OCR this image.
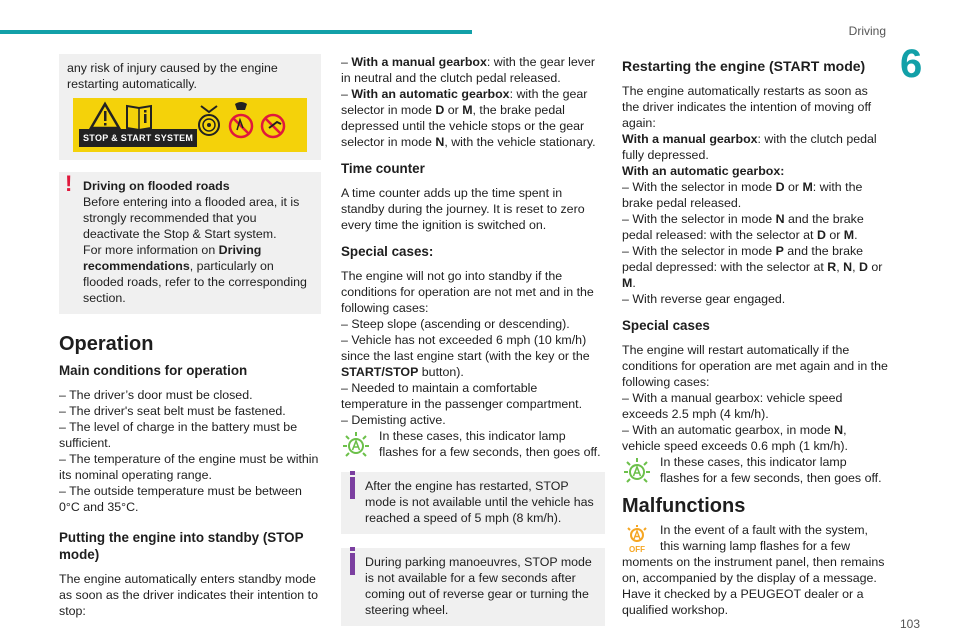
Driving
6
103

any risk of injury caused by the engine restarting automatically.

STOP & START SYSTEM
! Driving on flooded roads

Before entering into a flooded area, it is strongly recommended that you deactivate the Stop & Start system.

For more information on Driving recommendations, particularly on flooded roads, refer to the corresponding section.

Operation
Main conditions for operation

– The driver’s door must be closed.

– The driver's seat belt must be fastened.

– The level of charge in the battery must be sufficient.

– The temperature of the engine must be within its nominal operating range.

– The outside temperature must be between 0°C and 35°C.

Putting the engine into standby (STOP mode)

The engine automatically enters standby mode as soon as the driver indicates their intention to stop:

– With a manual gearbox: with the gear lever in neutral and the clutch pedal released.

– With an automatic gearbox: with the gear selector in mode D or M, the brake pedal depressed until the vehicle stops or the gear selector in mode N, with the vehicle stationary.

Time counter

A time counter adds up the time spent in standby during the journey. It is reset to zero every time the ignition is switched on.

Special cases:

The engine will not go into standby if the conditions for operation are not met and in the following cases:

– Steep slope (ascending or descending).

– Vehicle has not exceeded 6 mph (10 km/h) since the last engine start (with the key or the START/STOP button).

– Needed to maintain a comfortable temperature in the passenger compartment.

– Demisting active.

In these cases, this indicator lamp flashes for a few seconds, then goes off.

After the engine has restarted, STOP mode is not available until the vehicle has reached a speed of 5 mph (8 km/h).

During parking manoeuvres, STOP mode is not available for a few seconds after coming out of reverse gear or turning the steering wheel.

Restarting the engine (START mode)

The engine automatically restarts as soon as the driver indicates the intention of moving off again:

With a manual gearbox: with the clutch pedal fully depressed.

With an automatic gearbox:

– With the selector in mode D or M: with the brake pedal released.

– With the selector in mode N and the brake pedal released: with the selector at D or M.

– With the selector in mode P and the brake pedal depressed: with the selector at R, N, D or M.

– With reverse gear engaged.

Special cases

The engine will restart automatically if the conditions for operation are met again and in the following cases:

– With a manual gearbox: vehicle speed exceeds 2.5 mph (4 km/h).

– With an automatic gearbox, in mode N, vehicle speed exceeds 0.6 mph (1 km/h).

In these cases, this indicator lamp flashes for a few seconds, then goes off.

Malfunctions
OFF

In the event of a fault with the system, this warning lamp flashes for a few moments on the instrument panel, then remains on, accompanied by the display of a message.

Have it checked by a PEUGEOT dealer or a qualified workshop.
